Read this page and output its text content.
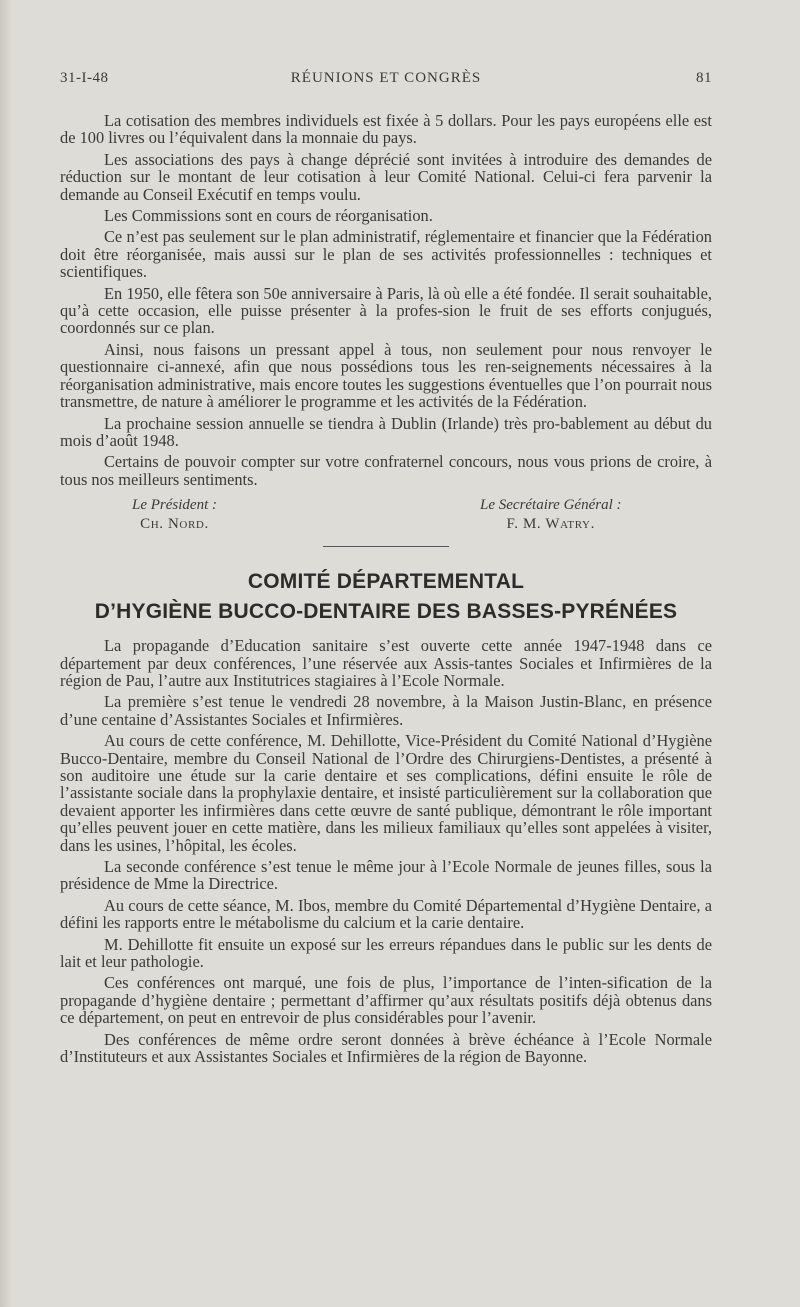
31-I-48	RÉUNIONS ET CONGRÈS	81

La cotisation des membres individuels est fixée à 5 dollars. Pour les pays européens elle est de 100 livres ou l’équivalent dans la monnaie du pays.

Les associations des pays à change déprécié sont invitées à introduire des demandes de réduction sur le montant de leur cotisation à leur Comité National. Celui-ci fera parvenir la demande au Conseil Exécutif en temps voulu.

Les Commissions sont en cours de réorganisation.

Ce n’est pas seulement sur le plan administratif, réglementaire et financier que la Fédération doit être réorganisée, mais aussi sur le plan de ses activités professionnelles : techniques et scientifiques.

En 1950, elle fêtera son 50e anniversaire à Paris, là où elle a été fondée. Il serait souhaitable, qu’à cette occasion, elle puisse présenter à la profes-sion le fruit de ses efforts conjugués, coordonnés sur ce plan.

Ainsi, nous faisons un pressant appel à tous, non seulement pour nous renvoyer le questionnaire ci-annexé, afin que nous possédions tous les ren-seignements nécessaires à la réorganisation administrative, mais encore toutes les suggestions éventuelles que l’on pourrait nous transmettre, de nature à améliorer le programme et les activités de la Fédération.

La prochaine session annuelle se tiendra à Dublin (Irlande) très pro-bablement au début du mois d’août 1948.

Certains de pouvoir compter sur votre confraternel concours, nous vous prions de croire, à tous nos meilleurs sentiments.

Le Président :
Ch. Nord.
Le Secrétaire Général :
F. M. Watry.
COMITÉ DÉPARTEMENTAL
D’HYGIÈNE BUCCO-DENTAIRE DES BASSES-PYRÉNÉES

La propagande d’Education sanitaire s’est ouverte cette année 1947-1948 dans ce département par deux conférences, l’une réservée aux Assis-tantes Sociales et Infirmières de la région de Pau, l’autre aux Institutrices stagiaires à l’Ecole Normale.

La première s’est tenue le vendredi 28 novembre, à la Maison Justin-Blanc, en présence d’une centaine d’Assistantes Sociales et Infirmières.

Au cours de cette conférence, M. Dehillotte, Vice-Président du Comité National d’Hygiène Bucco-Dentaire, membre du Conseil National de l’Ordre des Chirurgiens-Dentistes, a présenté à son auditoire une étude sur la carie dentaire et ses complications, défini ensuite le rôle de l’assistante sociale dans la prophylaxie dentaire, et insisté particulièrement sur la collaboration que devaient apporter les infirmières dans cette œuvre de santé publique, démontrant le rôle important qu’elles peuvent jouer en cette matière, dans les milieux familiaux qu’elles sont appelées à visiter, dans les usines, l’hôpital, les écoles.

La seconde conférence s’est tenue le même jour à l’Ecole Normale de jeunes filles, sous la présidence de Mme la Directrice.

Au cours de cette séance, M. Ibos, membre du Comité Départemental d’Hygiène Dentaire, a défini les rapports entre le métabolisme du calcium et la carie dentaire.

M. Dehillotte fit ensuite un exposé sur les erreurs répandues dans le public sur les dents de lait et leur pathologie.

Ces conférences ont marqué, une fois de plus, l’importance de l’inten-sification de la propagande d’hygiène dentaire ; permettant d’affirmer qu’aux résultats positifs déjà obtenus dans ce département, on peut en entrevoir de plus considérables pour l’avenir.

Des conférences de même ordre seront données à brève échéance à l’Ecole Normale d’Instituteurs et aux Assistantes Sociales et Infirmières de la région de Bayonne.
